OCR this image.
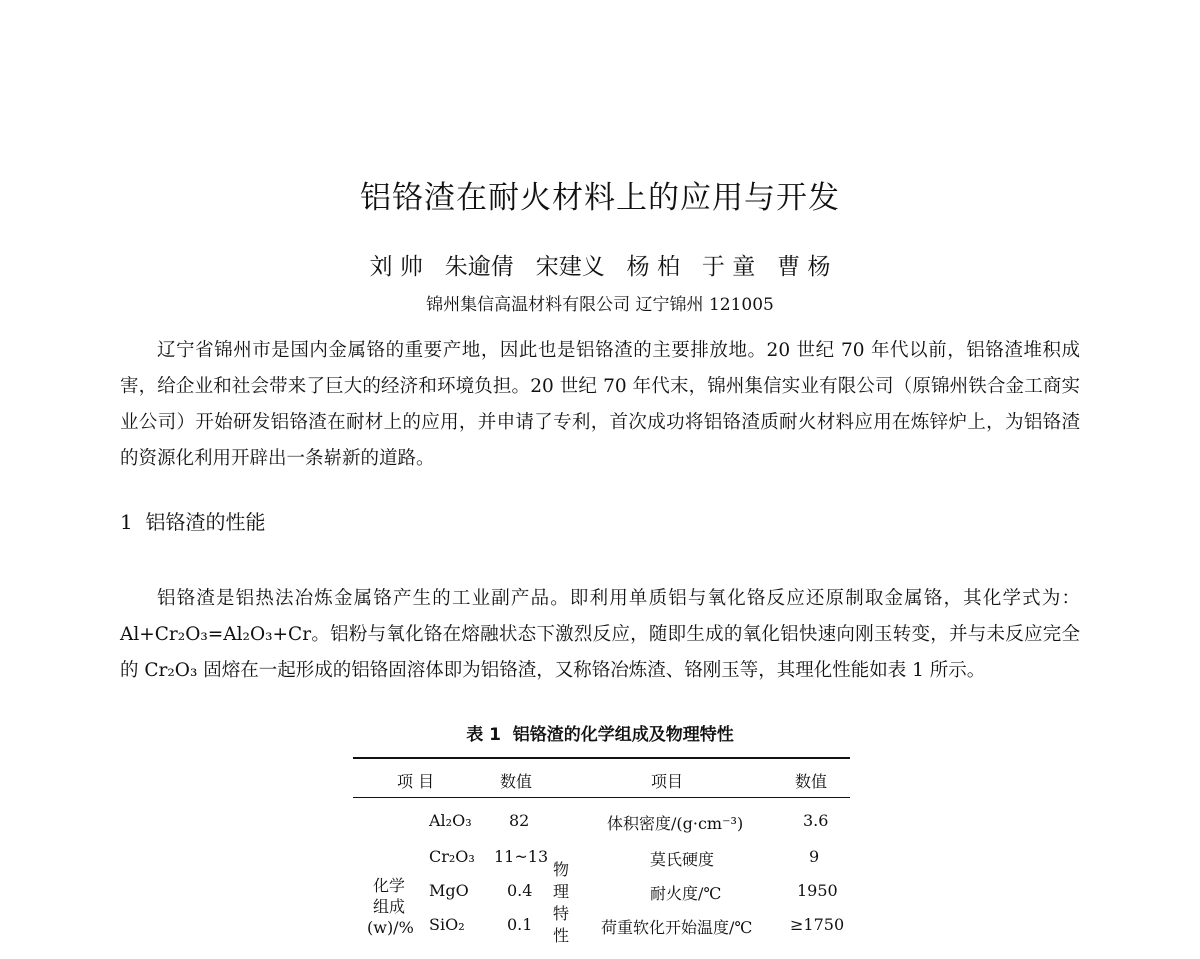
铝铬渣在耐火材料上的应用与开发
刘 帅 朱逾倩 宋建义 杨 柏 于 童 曹 杨
锦州集信高温材料有限公司 辽宁锦州 121005

辽宁省锦州市是国内金属铬的重要产地，因此也是铝铬渣的主要排放地。20 世纪 70 年代以前，铝铬渣堆积成害，给企业和社会带来了巨大的经济和环境负担。20 世纪 70 年代末，锦州集信实业有限公司（原锦州铁合金工商实业公司）开始研发铝铬渣在耐材上的应用，并申请了专利，首次成功将铝铬渣质耐火材料应用在炼锌炉上，为铝铬渣的资源化利用开辟出一条崭新的道路。

1 铝铬渣的性能

铝铬渣是铝热法冶炼金属铬产生的工业副产品。即利用单质铝与氧化铬反应还原制取金属铬，其化学式为：Al+Cr₂O₃=Al₂O₃+Cr。铝粉与氧化铬在熔融状态下激烈反应，随即生成的氧化铝快速向刚玉转变，并与未反应完全的 Cr₂O₃ 固熔在一起形成的铝铬固溶体即为铝铬渣，又称铬冶炼渣、铬刚玉等，其理化性能如表 1 所示。

表 1 铝铬渣的化学组成及物理特性
项 目	数值	项目	数值
化学
组成
(w)/%
物
理
特
性
Al₂O₃ 82	体积密度/(g·cm⁻³)	3.6
Cr₂O₃ 11~13	莫氏硬度	9
MgO 0.4	耐火度/℃	1950
SiO₂	0.1	荷重软化开始温度/℃ ≥1750
